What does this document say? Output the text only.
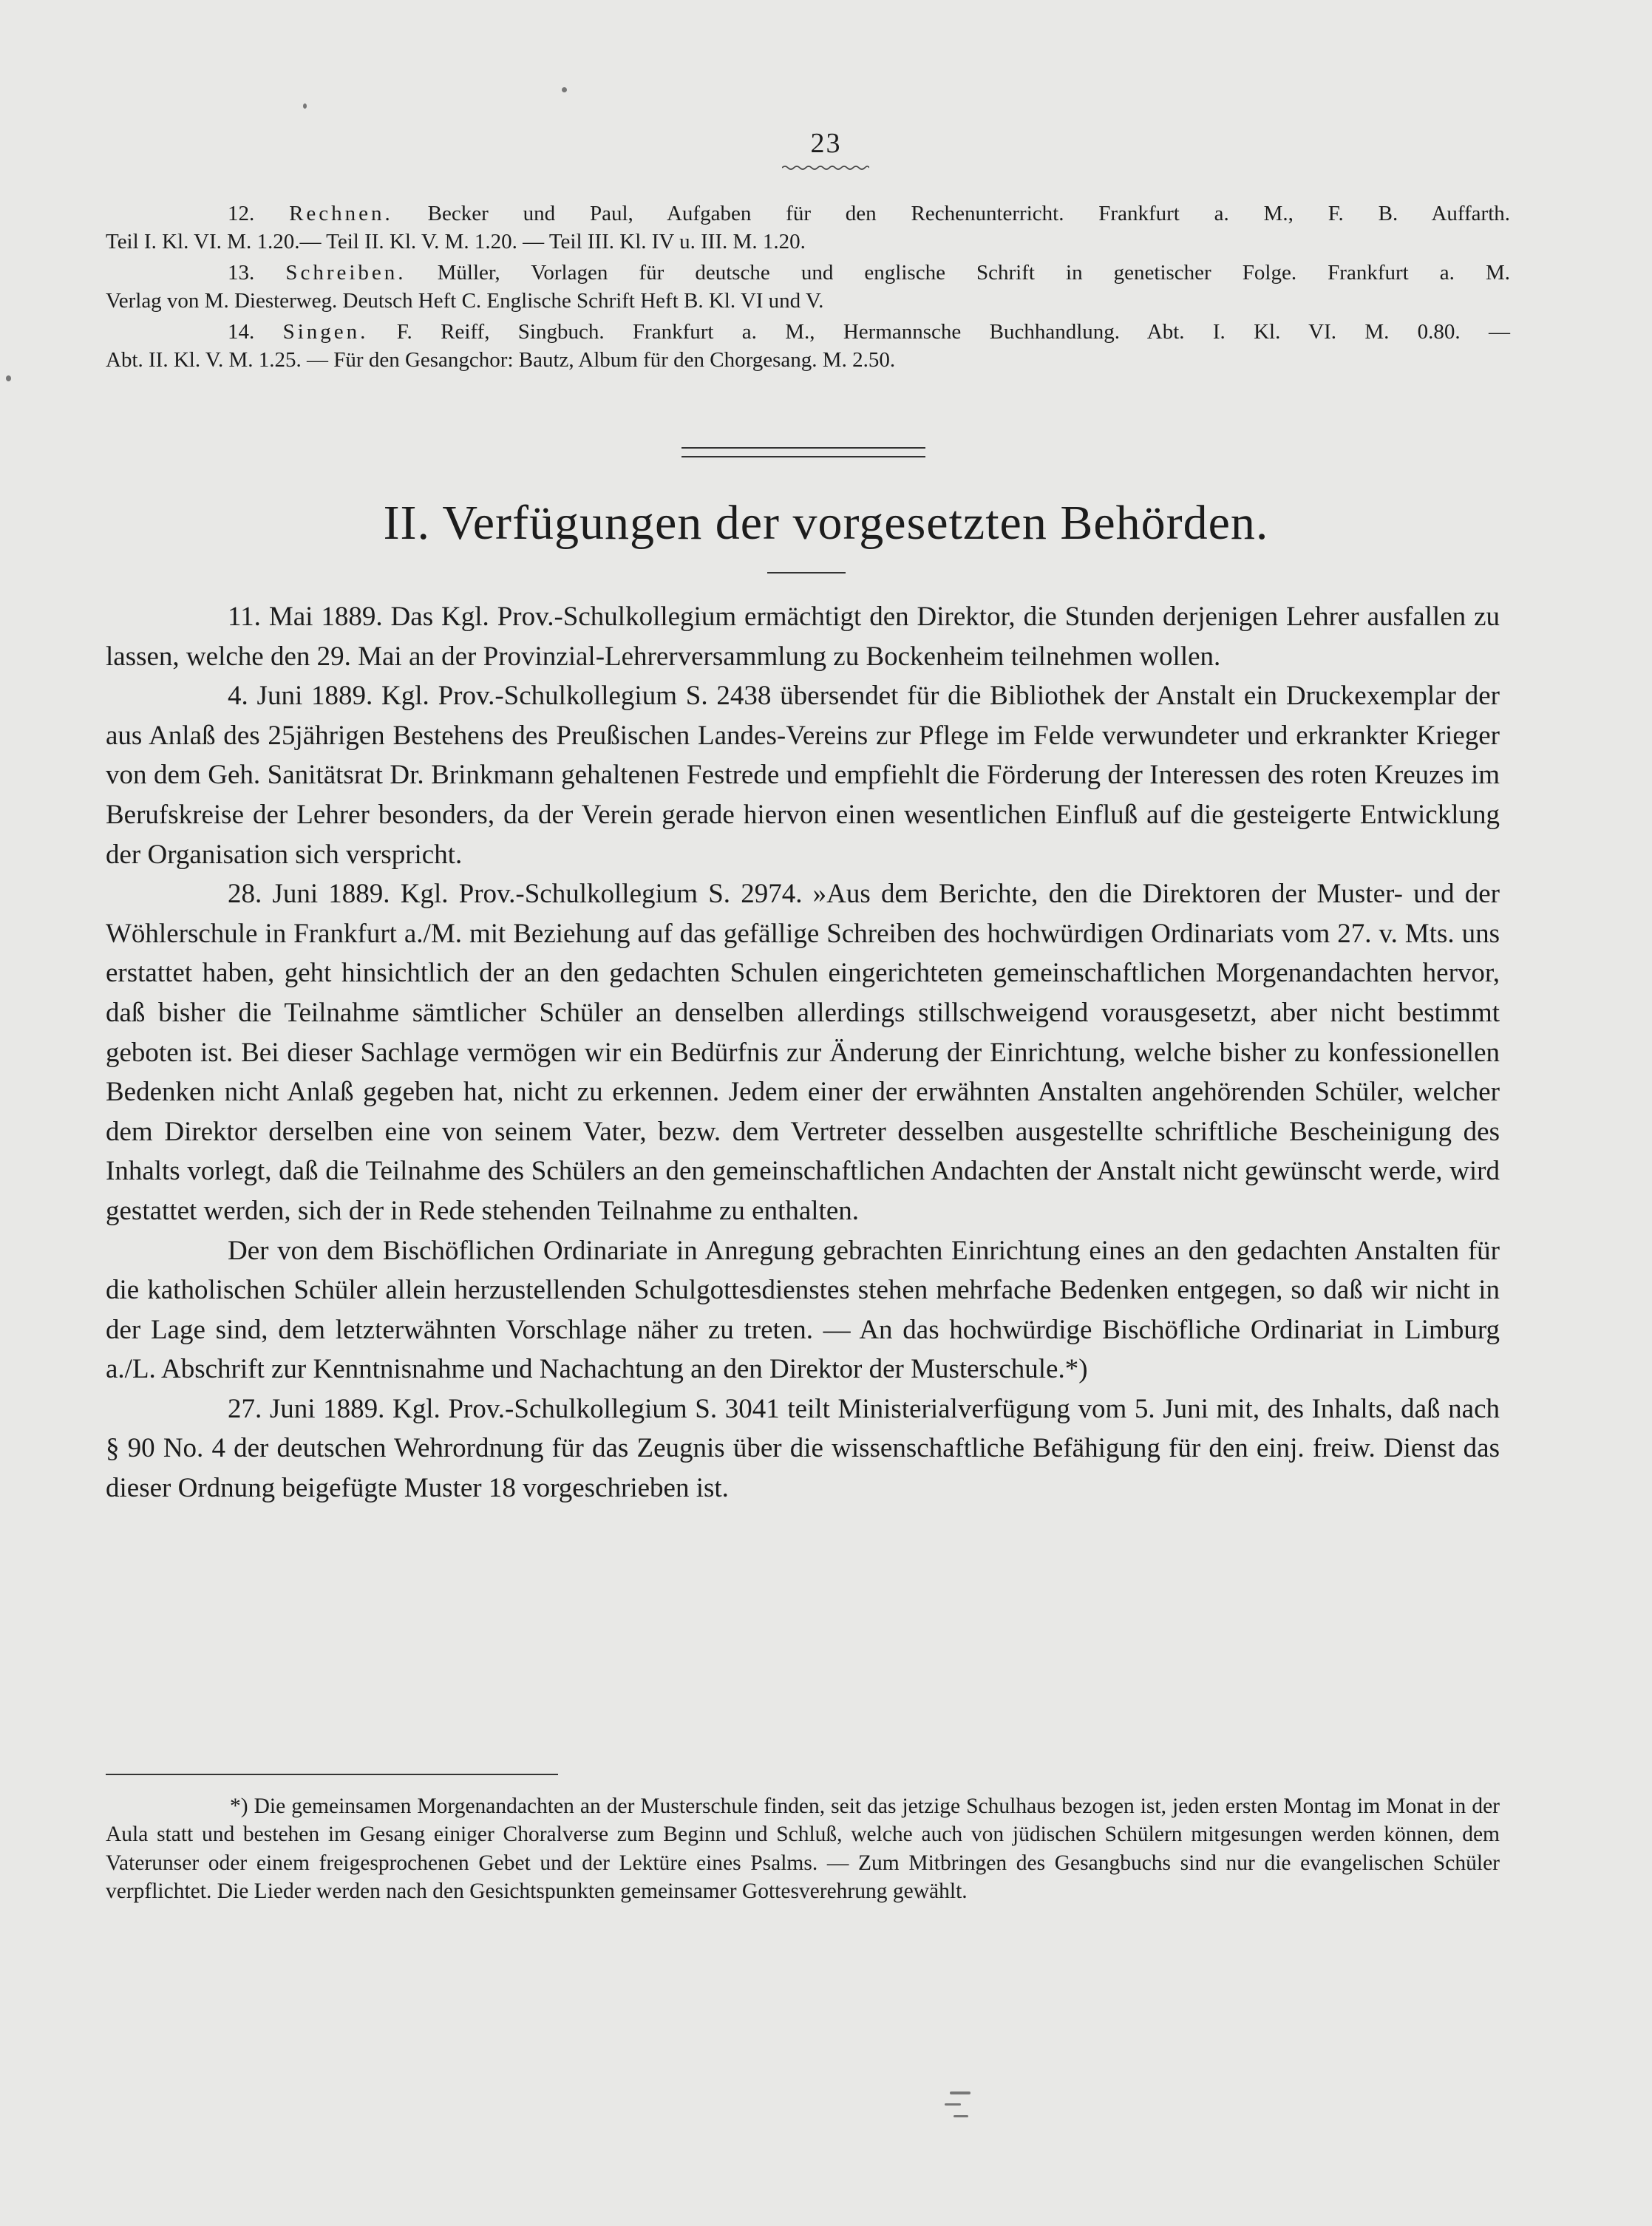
23

12. Rechnen. Becker und Paul, Aufgaben für den Rechenunterricht. Frankfurt a. M., F. B. Auffarth.
Teil I. Kl. VI. M. 1.20.— Teil II. Kl. V. M. 1.20. — Teil III. Kl. IV u. III. M. 1.20.

13. Schreiben. Müller, Vorlagen für deutsche und englische Schrift in genetischer Folge. Frankfurt a. M.
Verlag von M. Diesterweg. Deutsch Heft C. Englische Schrift Heft B. Kl. VI und V.

14. Singen. F. Reiff, Singbuch. Frankfurt a. M., Hermannsche Buchhandlung. Abt. I. Kl. VI. M. 0.80. —
Abt. II. Kl. V. M. 1.25. — Für den Gesangchor: Bautz, Album für den Chorgesang. M. 2.50.

II. Verfügungen der vorgesetzten Behörden.

11. Mai 1889. Das Kgl. Prov.-Schulkollegium ermächtigt den Direktor, die Stunden derjenigen Lehrer ausfallen zu lassen, welche den 29. Mai an der Provinzial-Lehrerversammlung zu Bockenheim teilnehmen wollen.

4. Juni 1889. Kgl. Prov.-Schulkollegium S. 2438 übersendet für die Bibliothek der Anstalt ein Druckexemplar der aus Anlaß des 25jährigen Bestehens des Preußischen Landes-Vereins zur Pflege im Felde verwundeter und erkrankter Krieger von dem Geh. Sanitätsrat Dr. Brinkmann gehaltenen Festrede und empfiehlt die Förderung der Interessen des roten Kreuzes im Berufskreise der Lehrer besonders, da der Verein gerade hiervon einen wesentlichen Einfluß auf die gesteigerte Entwicklung der Organisation sich verspricht.

28. Juni 1889. Kgl. Prov.-Schulkollegium S. 2974. »Aus dem Berichte, den die Direktoren der Muster- und der Wöhlerschule in Frankfurt a./M. mit Beziehung auf das gefällige Schreiben des hochwürdigen Ordinariats vom 27. v. Mts. uns erstattet haben, geht hinsichtlich der an den gedachten Schulen eingerichteten gemeinschaftlichen Morgenandachten hervor, daß bisher die Teilnahme sämtlicher Schüler an denselben allerdings stillschweigend vorausgesetzt, aber nicht bestimmt geboten ist. Bei dieser Sachlage vermögen wir ein Bedürfnis zur Änderung der Einrichtung, welche bisher zu konfessionellen Bedenken nicht Anlaß gegeben hat, nicht zu erkennen. Jedem einer der erwähnten Anstalten angehörenden Schüler, welcher dem Direktor derselben eine von seinem Vater, bezw. dem Vertreter desselben ausgestellte schriftliche Bescheinigung des Inhalts vorlegt, daß die Teilnahme des Schülers an den gemeinschaftlichen Andachten der Anstalt nicht gewünscht werde, wird gestattet werden, sich der in Rede stehenden Teilnahme zu enthalten.

Der von dem Bischöflichen Ordinariate in Anregung gebrachten Einrichtung eines an den gedachten Anstalten für die katholischen Schüler allein herzustellenden Schulgottesdienstes stehen mehrfache Bedenken entgegen, so daß wir nicht in der Lage sind, dem letzterwähnten Vorschlage näher zu treten. — An das hochwürdige Bischöfliche Ordinariat in Limburg a./L. Abschrift zur Kenntnisnahme und Nachachtung an den Direktor der Musterschule.*)

27. Juni 1889. Kgl. Prov.-Schulkollegium S. 3041 teilt Ministerialverfügung vom 5. Juni mit, des Inhalts, daß nach § 90 No. 4 der deutschen Wehrordnung für das Zeugnis über die wissenschaftliche Befähigung für den einj. freiw. Dienst das dieser Ordnung beigefügte Muster 18 vorgeschrieben ist.

*) Die gemeinsamen Morgenandachten an der Musterschule finden, seit das jetzige Schulhaus bezogen ist, jeden ersten Montag im Monat in der Aula statt und bestehen im Gesang einiger Choralverse zum Beginn und Schluß, welche auch von jüdischen Schülern mitgesungen werden können, dem Vaterunser oder einem freigesprochenen Gebet und der Lektüre eines Psalms. — Zum Mitbringen des Gesangbuchs sind nur die evangelischen Schüler verpflichtet. Die Lieder werden nach den Gesichtspunkten gemeinsamer Gottesverehrung gewählt.
